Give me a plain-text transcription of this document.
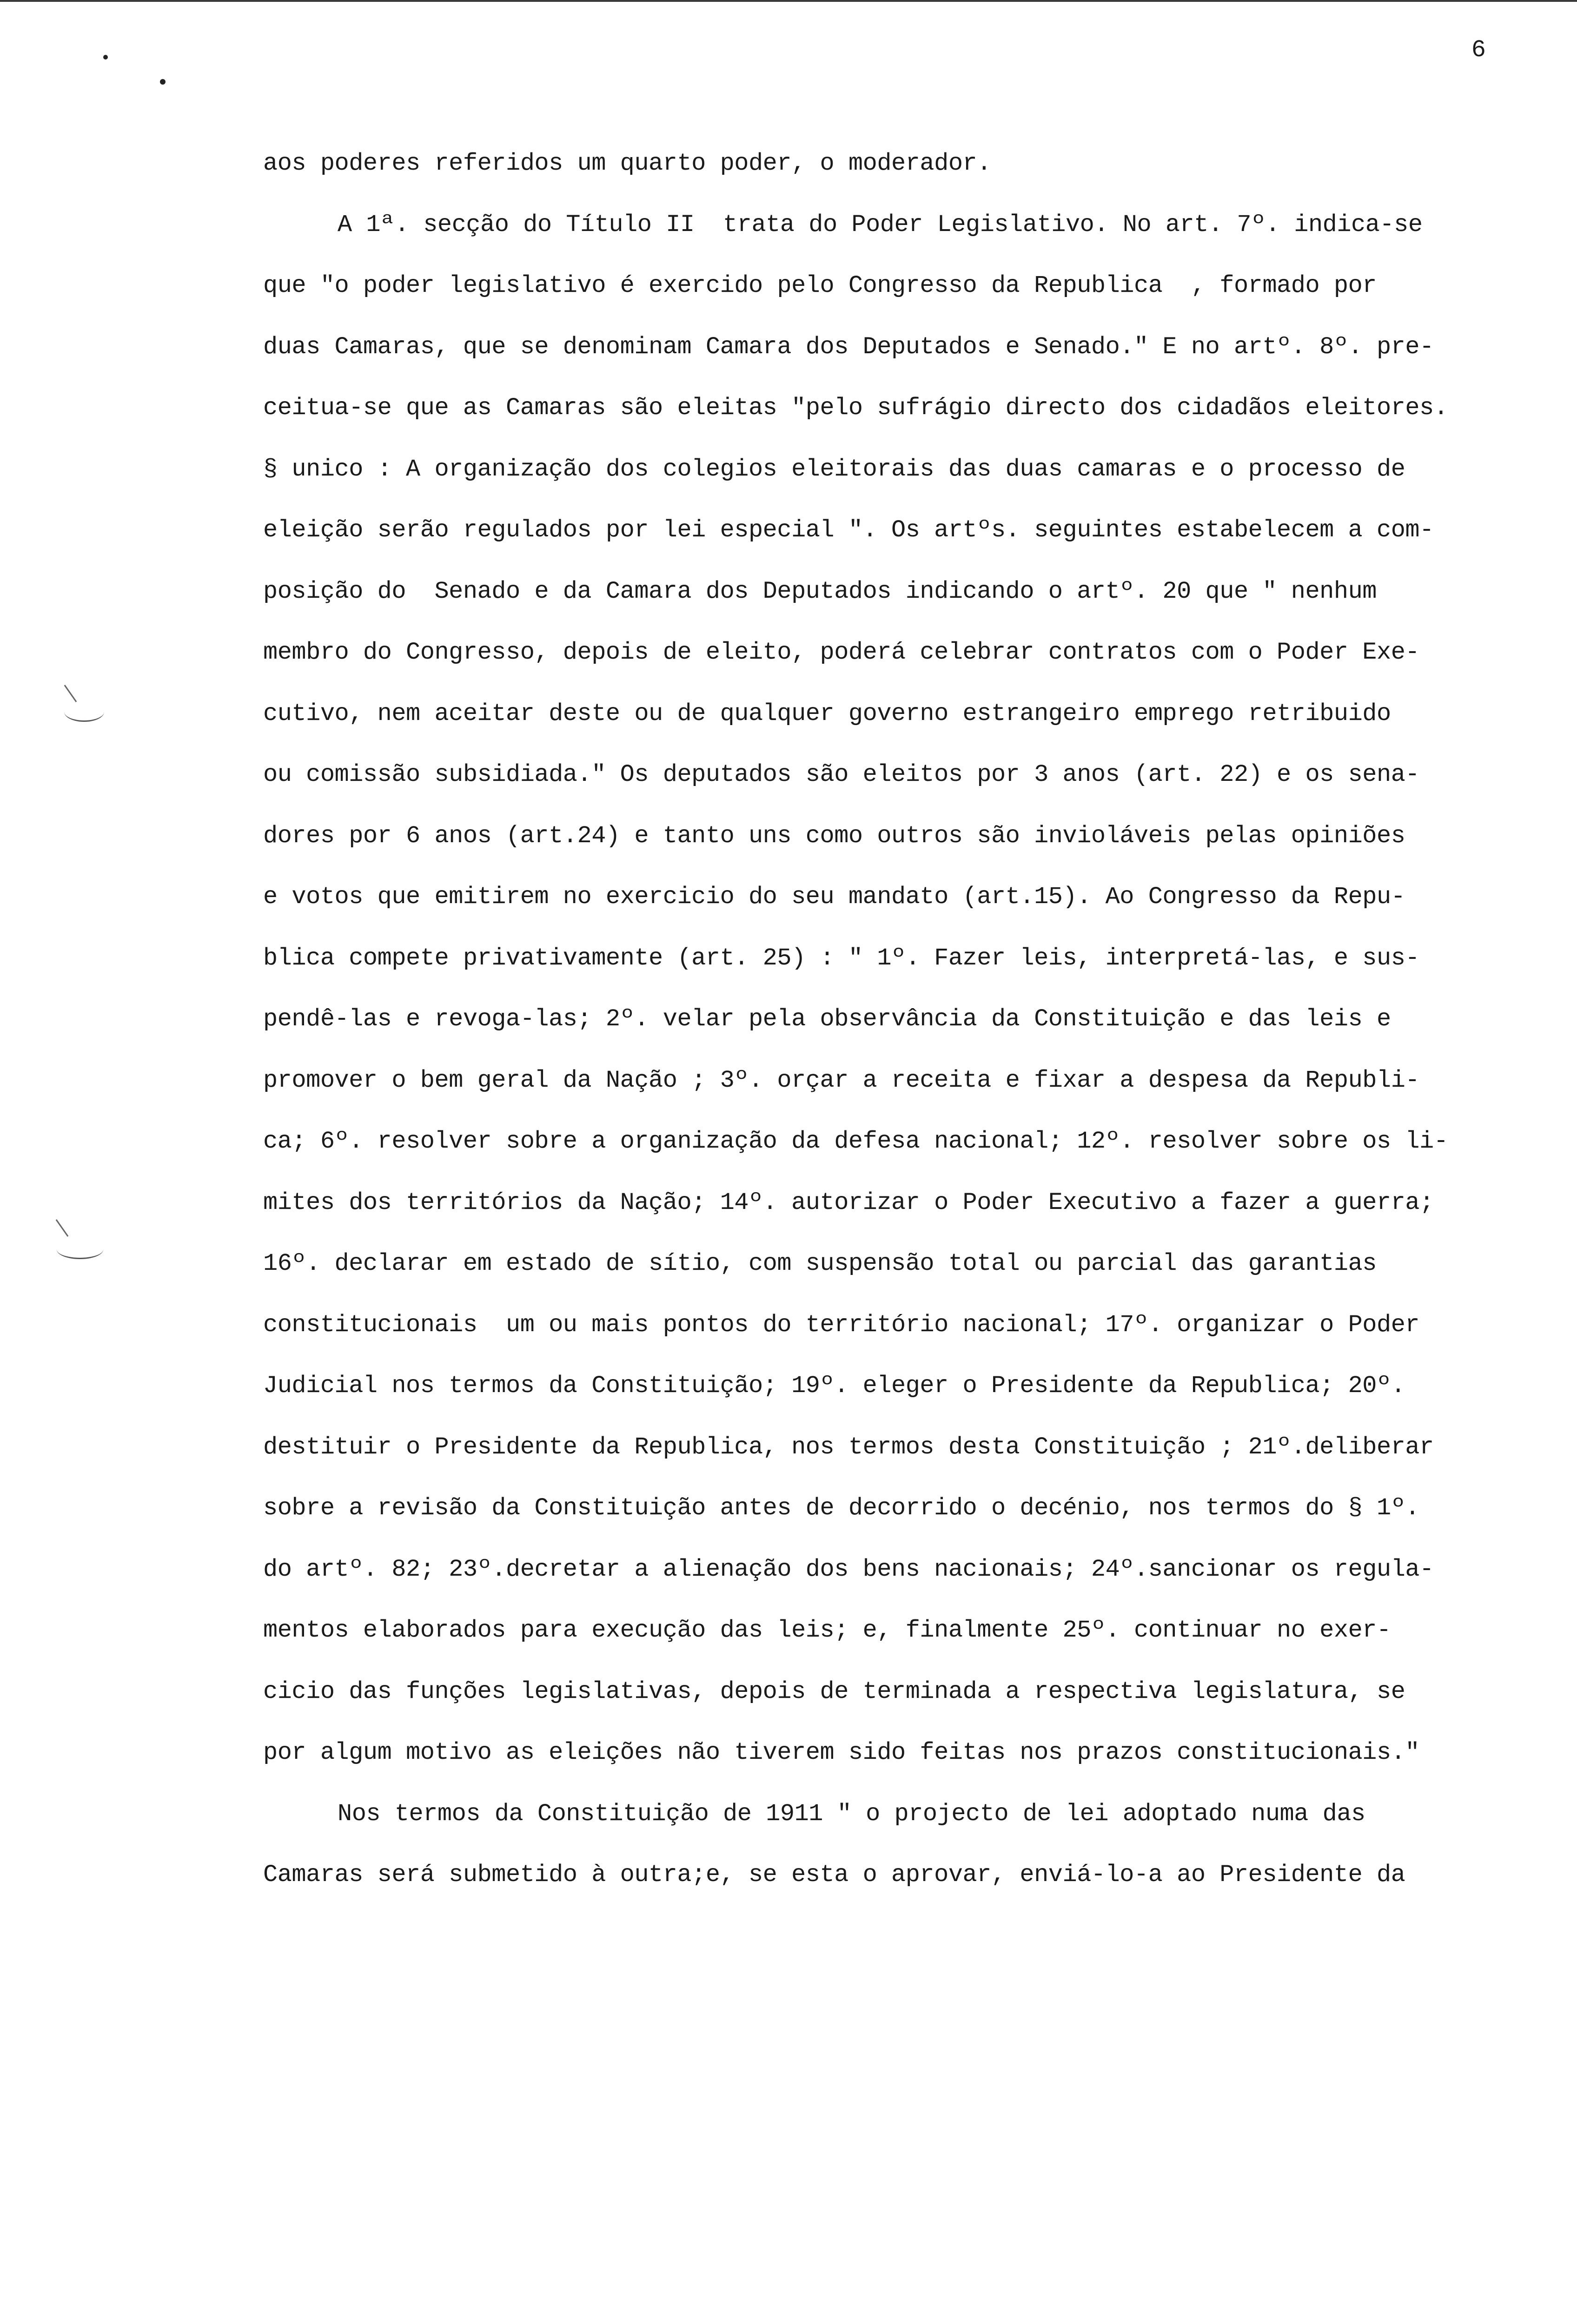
6
aos poderes referidos um quarto poder, o moderador.
A 1ª. secção do Título II  trata do Poder Legislativo. No art. 7º. indica-se
que "o poder legislativo é exercido pelo Congresso da Republica  , formado por
duas Camaras, que se denominam Camara dos Deputados e Senado." E no artº. 8º. pre-
ceitua-se que as Camaras são eleitas "pelo sufrágio directo dos cidadãos eleitores.
§ unico : A organização dos colegios eleitorais das duas camaras e o processo de
eleição serão regulados por lei especial ". Os artºs. seguintes estabelecem a com-
posição do  Senado e da Camara dos Deputados indicando o artº. 20 que " nenhum
membro do Congresso, depois de eleito, poderá celebrar contratos com o Poder Exe-
cutivo, nem aceitar deste ou de qualquer governo estrangeiro emprego retribuido
ou comissão subsidiada." Os deputados são eleitos por 3 anos (art. 22) e os sena-
dores por 6 anos (art.24) e tanto uns como outros são invioláveis pelas opiniões
e votos que emitirem no exercicio do seu mandato (art.15). Ao Congresso da Repu-
blica compete privativamente (art. 25) : " 1º. Fazer leis, interpretá-las, e sus-
pendê-las e revoga-las; 2º. velar pela observância da Constituição e das leis e
promover o bem geral da Nação ; 3º. orçar a receita e fixar a despesa da Republi-
ca; 6º. resolver sobre a organização da defesa nacional; 12º. resolver sobre os li-
mites dos territórios da Nação; 14º. autorizar o Poder Executivo a fazer a guerra;
16º. declarar em estado de sítio, com suspensão total ou parcial das garantias
constitucionais  um ou mais pontos do território nacional; 17º. organizar o Poder
Judicial nos termos da Constituição; 19º. eleger o Presidente da Republica; 20º.
destituir o Presidente da Republica, nos termos desta Constituição ; 21º.deliberar
sobre a revisão da Constituição antes de decorrido o decénio, nos termos do § 1º.
do artº. 82; 23º.decretar a alienação dos bens nacionais; 24º.sancionar os regula-
mentos elaborados para execução das leis; e, finalmente 25º. continuar no exer-
cicio das funções legislativas, depois de terminada a respectiva legislatura, se
por algum motivo as eleições não tiverem sido feitas nos prazos constitucionais."
Nos termos da Constituição de 1911 " o projecto de lei adoptado numa das
Camaras será submetido à outra;e, se esta o aprovar, enviá-lo-a ao Presidente da
